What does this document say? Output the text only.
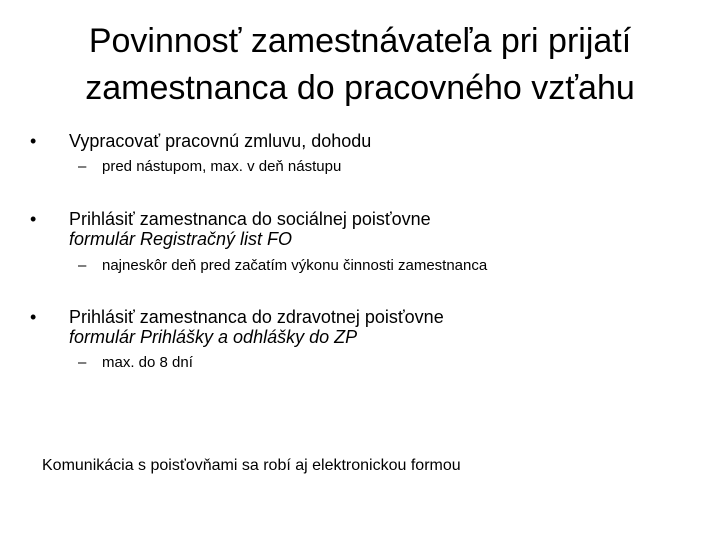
Povinnosť zamestnávateľa pri prijatí
zamestnanca do pracovného vzťahu
•	Vypracovať pracovnú zmluvu, dohodu
– pred nástupom, max. v deň nástupu
•	Prihlásiť zamestnanca do sociálnej poisťovne
formulár Registračný list FO
– najneskôr deň pred začatím výkonu činnosti zamestnanca
•	Prihlásiť zamestnanca do zdravotnej poisťovne
formulár Prihlášky a odhlášky do ZP
– max. do 8 dní
Komunikácia s poisťovňami sa robí aj elektronickou formou
